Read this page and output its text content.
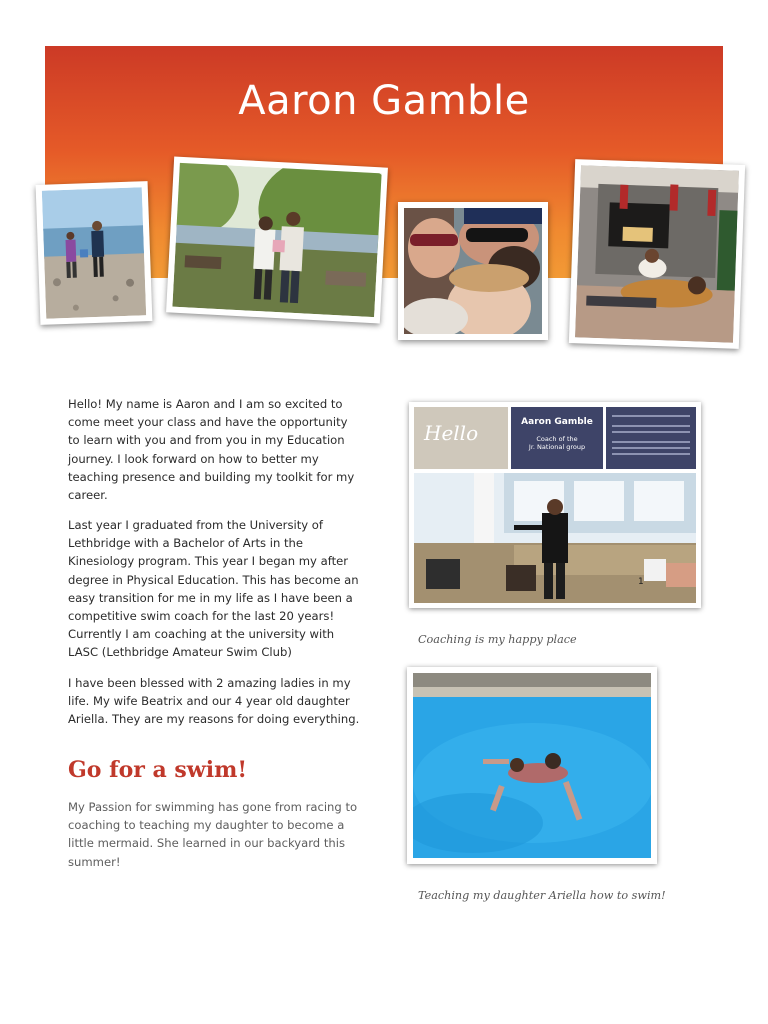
Aaron Gamble

Hello! My name is Aaron and I am so excited to come meet your class and have the opportunity to learn with you and from you in my Education journey. I look forward on how to better my teaching presence and building my toolkit for my career.

Last year I graduated from the University of Lethbridge with a Bachelor of Arts in the Kinesiology program. This year I began my after degree in Physical Education. This has become an easy transition for me in my life as I have been a competitive swim coach for the last 20 years! Currently I am coaching at the university with LASC (Lethbridge Amateur Swim Club)

I have been blessed with 2 amazing ladies in my life. My wife Beatrix and our 4 year old daughter Ariella. They are my reasons for doing everything.

Go for a swim!

My Passion for swimming has gone from racing to coaching to teaching my daughter to become a little mermaid. She learned in our backyard this summer!

Hello	Aaron Gamble
Coach of the
Jr. National group
1
Coaching is my happy place
Teaching my daughter Ariella how to swim!
